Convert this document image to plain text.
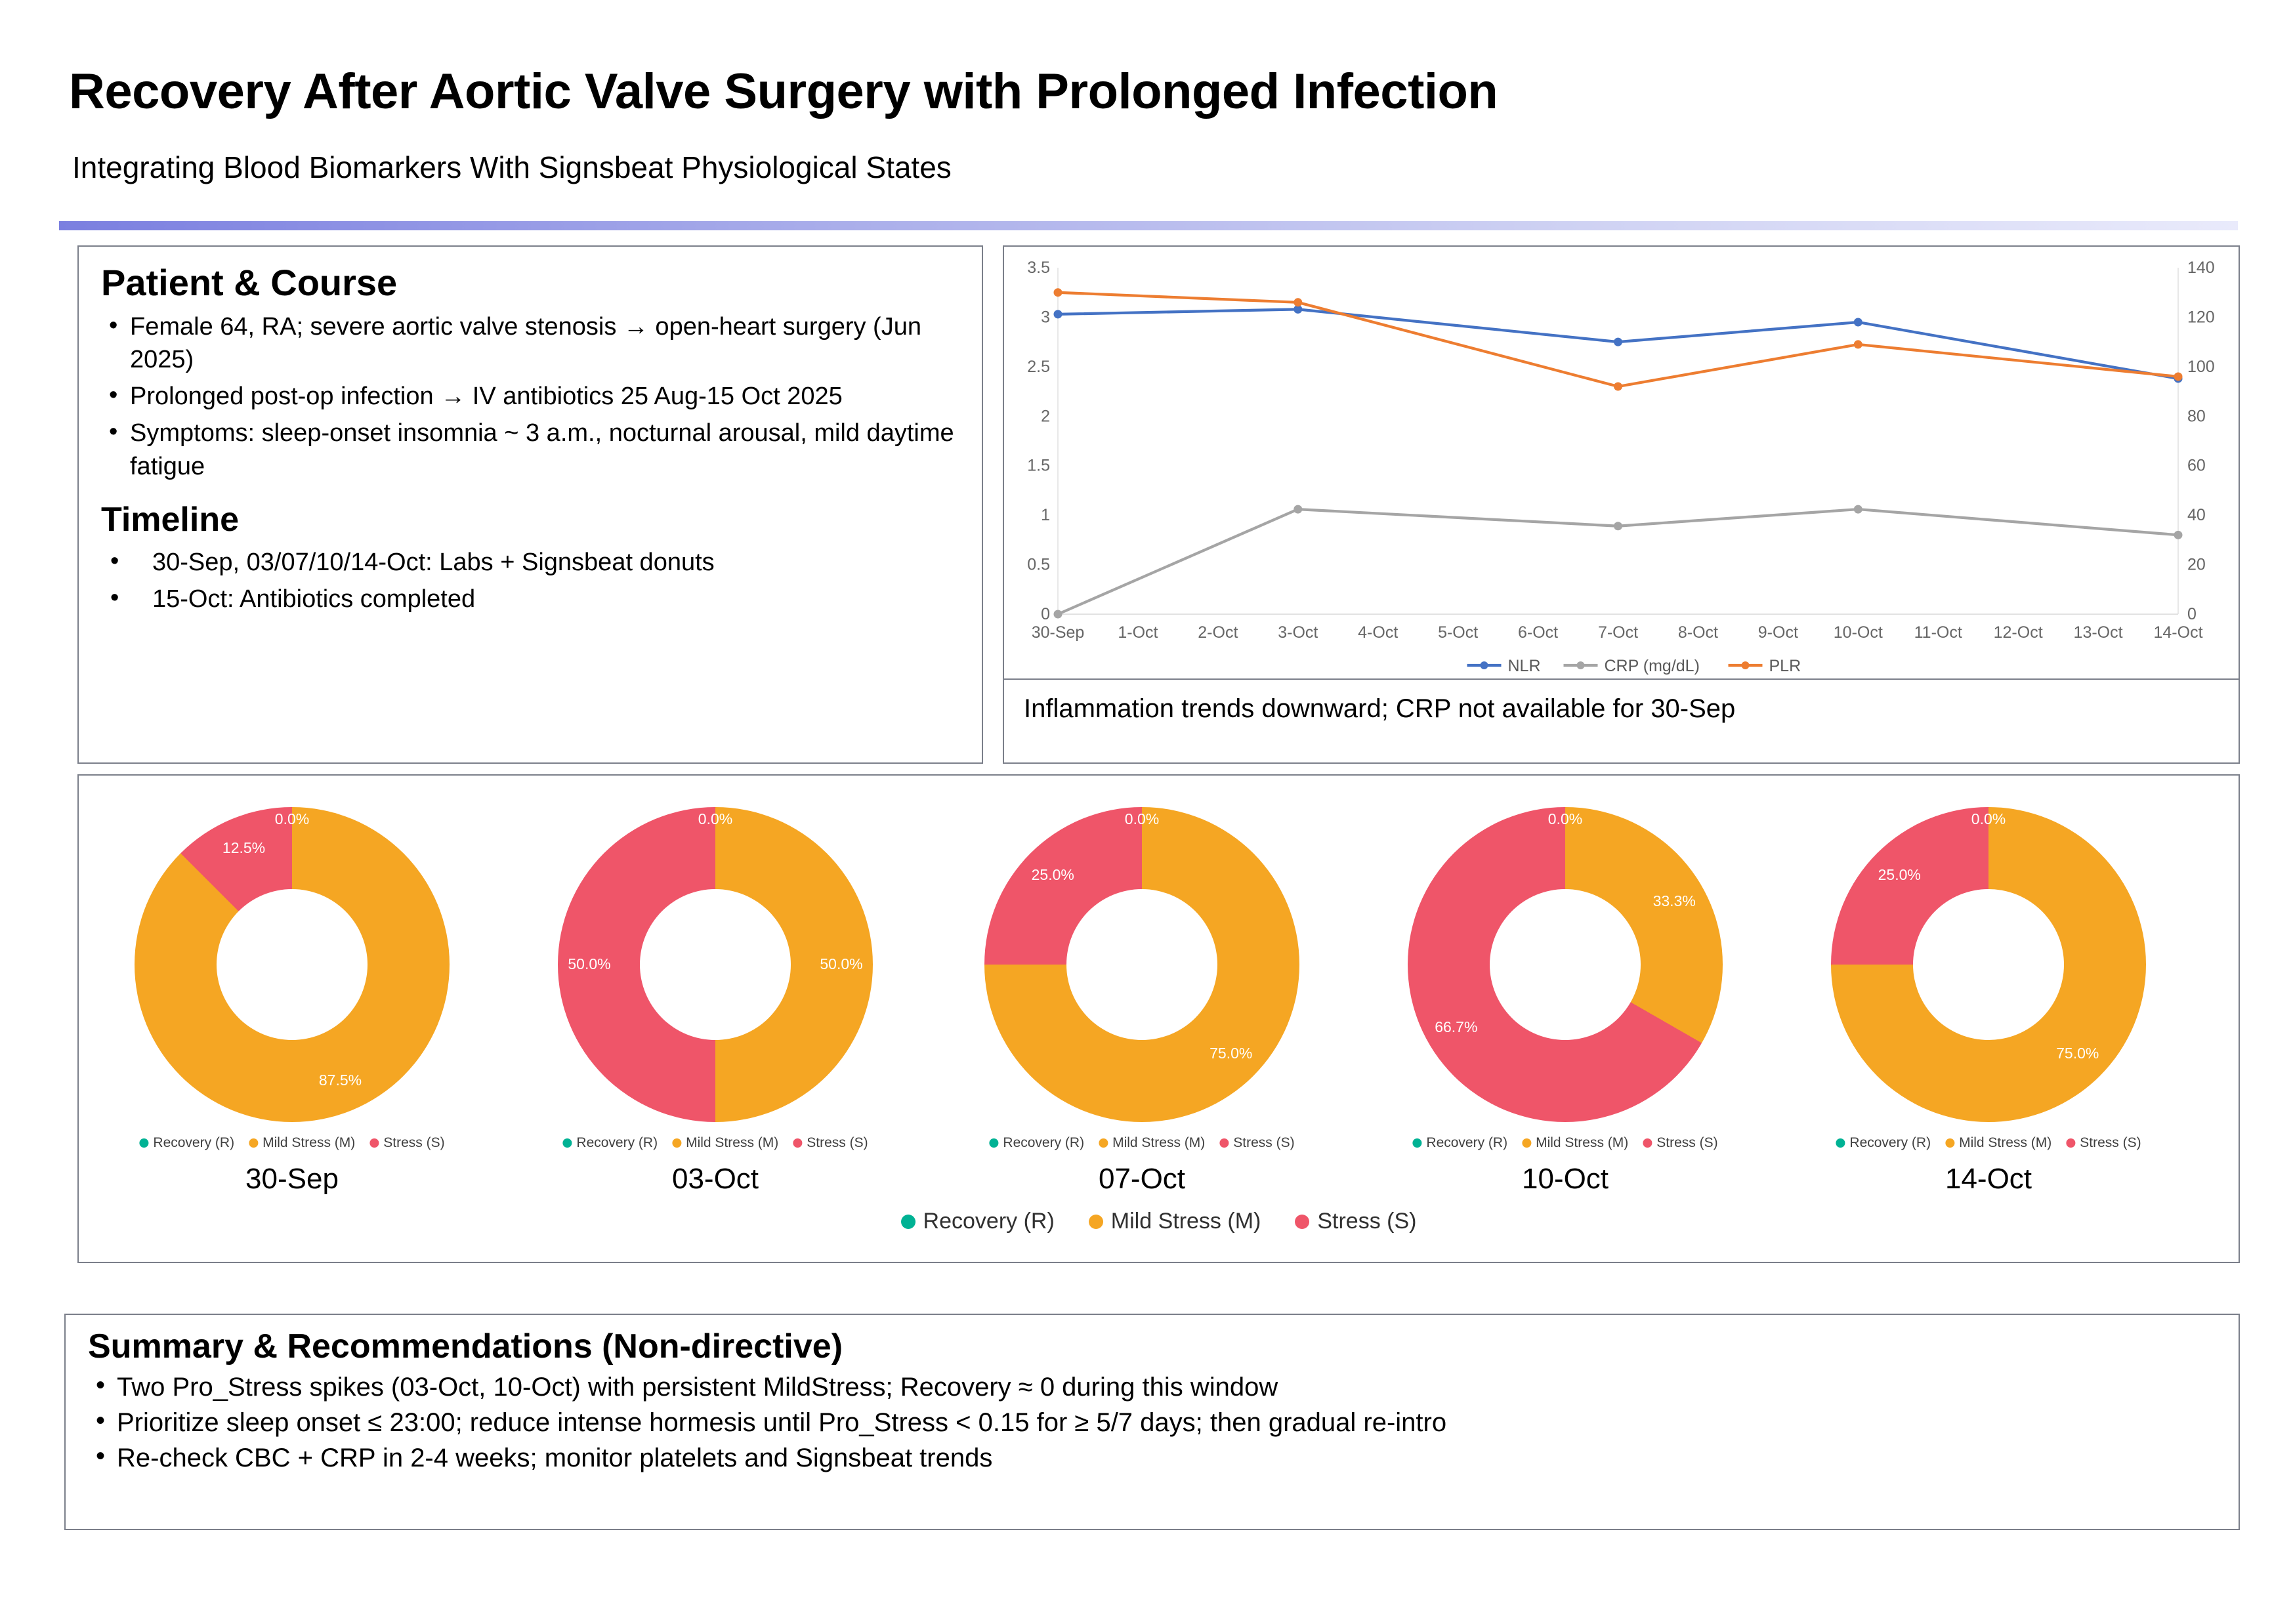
Recovery After Aortic Valve Surgery with Prolonged Infection
Integrating Blood Biomarkers With Signsbeat Physiological States
Patient & Course
• Female 64, RA; severe aortic valve stenosis → open-heart surgery (Jun 2025)
• Prolonged post-op infection → IV antibiotics 25 Aug-15 Oct 2025
• Symptoms: sleep-onset insomnia ~ 3 a.m., nocturnal arousal, mild daytime fatigue
Timeline
• 30-Sep, 03/07/10/14-Oct: Labs + Signsbeat donuts
• 15-Oct: Antibiotics completed
0
0.5
1
1.5
2
2.5
3
3.5
0
20
40
60
80
100
120
140
30-Sep 1-Oct 2-Oct 3-Oct 4-Oct 5-Oct 6-Oct 7-Oct 8-Oct 9-Oct 10-Oct 11-Oct 12-Oct 13-Oct 14-Oct
NLR	CRP (mg/dL)	PLR
Inflammation trends downward; CRP not available for 30-Sep
0.0%
87.5%
12.5%
Recovery (R) Mild Stress (M) Stress (S)
30-Sep
0.0%
50.0%
50.0%
Recovery (R) Mild Stress (M) Stress (S)
03-Oct
0.0%
75.0%
25.0%
Recovery (R) Mild Stress (M) Stress (S)
07-Oct
0.0%
33.3%
66.7%
Recovery (R) Mild Stress (M) Stress (S)
10-Oct
0.0%
75.0%
25.0%
Recovery (R) Mild Stress (M) Stress (S)
14-Oct
Recovery (R)	Mild Stress (M)	Stress (S)
Summary & Recommendations (Non-directive)
• Two Pro_Stress spikes (03-Oct, 10-Oct) with persistent MildStress; Recovery ≈ 0 during this window
• Prioritize sleep onset ≤ 23:00; reduce intense hormesis until Pro_Stress < 0.15 for ≥ 5/7 days; then gradual re-intro
• Re-check CBC + CRP in 2-4 weeks; monitor platelets and Signsbeat trends
